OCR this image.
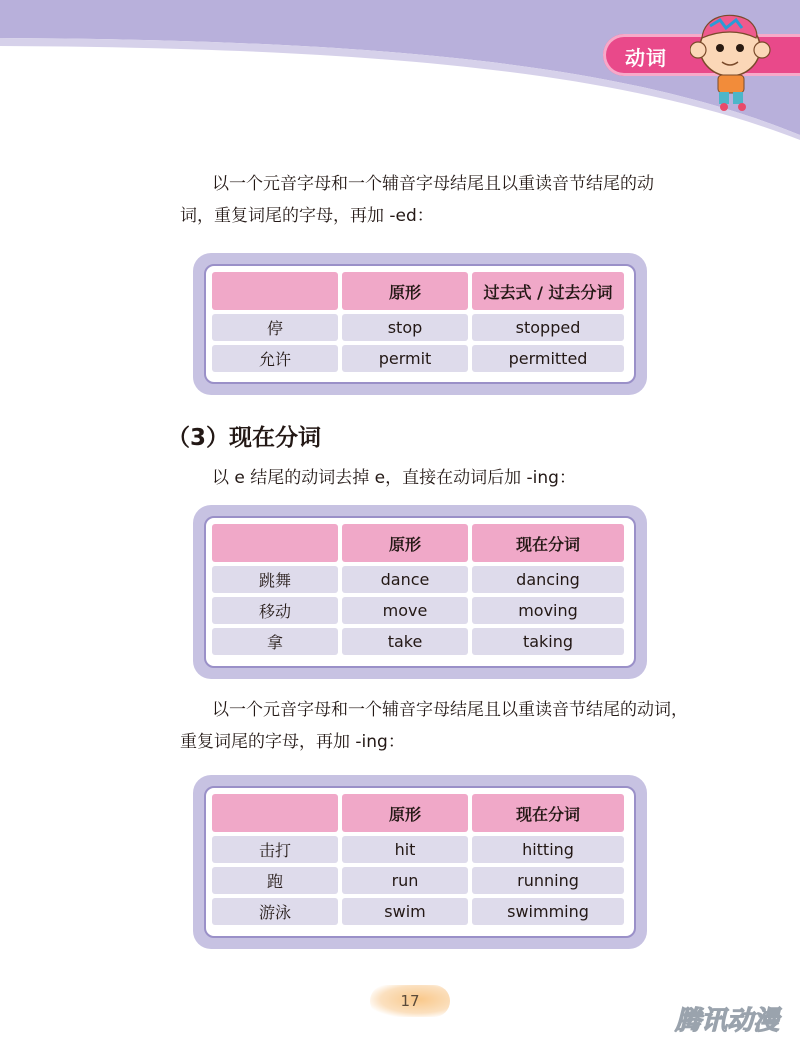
动词

以一个元音字母和一个辅音字母结尾且以重读音节结尾的动
词，重复词尾的字母，再加 -ed：

	原形	过去式 / 过去分词
停	stop	stopped
允许	permit	permitted
（3）现在分词

以 e 结尾的动词去掉 e，直接在动词后加 -ing：

	原形	现在分词
跳舞	dance	dancing
移动	move	moving
拿	take	taking

以一个元音字母和一个辅音字母结尾且以重读音节结尾的动词，
重复词尾的字母，再加 -ing：

	原形	现在分词
击打	hit	hitting
跑	run	running
游泳	swim	swimming
17
腾讯动漫
